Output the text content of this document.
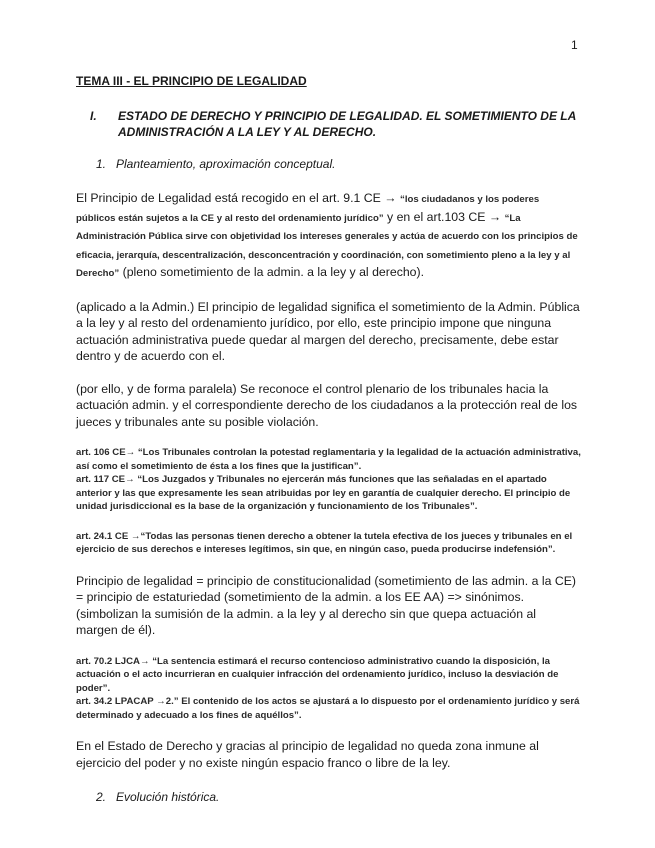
1

TEMA III - EL PRINCIPIO DE LEGALIDAD

I.	ESTADO DE DERECHO Y PRINCIPIO DE LEGALIDAD. EL SOMETIMIENTO DE LA ADMINISTRACIÓN A LA LEY Y AL DERECHO.
1. Planteamiento, aproximación conceptual.

El Principio de Legalidad está recogido en el art. 9.1 CE → “los ciudadanos y los poderes públicos están sujetos a la CE y al resto del ordenamiento jurídico” y en el art.103 CE → “La Administración Pública sirve con objetividad los intereses generales y actúa de acuerdo con los principios de eficacia, jerarquía, descentralización, desconcentración y coordinación, con sometimiento pleno a la ley y al Derecho” (pleno sometimiento de la admin. a la ley y al derecho).

(aplicado a la Admin.) El principio de legalidad significa el sometimiento de la Admin. Pública a la ley y al resto del ordenamiento jurídico, por ello, este principio impone que ninguna actuación administrativa puede quedar al margen del derecho, precisamente, debe estar dentro y de acuerdo con el.

(por ello, y de forma paralela) Se reconoce el control plenario de los tribunales hacia la actuación admin. y el correspondiente derecho de los ciudadanos a la protección real de los jueces y tribunales ante su posible violación.

art. 106 CE→ “Los Tribunales controlan la potestad reglamentaria y la legalidad de la actuación administrativa, así como el sometimiento de ésta a los fines que la justifican”.

art. 117 CE→ “Los Juzgados y Tribunales no ejercerán más funciones que las señaladas en el apartado anterior y las que expresamente les sean atribuidas por ley en garantía de cualquier derecho. El principio de unidad jurisdiccional es la base de la organización y funcionamiento de los Tribunales”.

art. 24.1 CE →“Todas las personas tienen derecho a obtener la tutela efectiva de los jueces y tribunales en el ejercicio de sus derechos e intereses legítimos, sin que, en ningún caso, pueda producirse indefensión”.

Principio de legalidad = principio de constitucionalidad (sometimiento de las admin. a la CE) = principio de estaturiedad (sometimiento de la admin. a los EE AA) => sinónimos. (simbolizan la sumisión de la admin. a la ley y al derecho sin que quepa actuación al margen de él).

art. 70.2 LJCA→ “La sentencia estimará el recurso contencioso administrativo cuando la disposición, la actuación o el acto incurrieran en cualquier infracción del ordenamiento jurídico, incluso la desviación de poder”.

art. 34.2 LPACAP →2.” El contenido de los actos se ajustará a lo dispuesto por el ordenamiento jurídico y será determinado y adecuado a los fines de aquéllos”.

En el Estado de Derecho y gracias al principio de legalidad no queda zona inmune al ejercicio del poder y no existe ningún espacio franco o libre de la ley.

2. Evolución histórica.
